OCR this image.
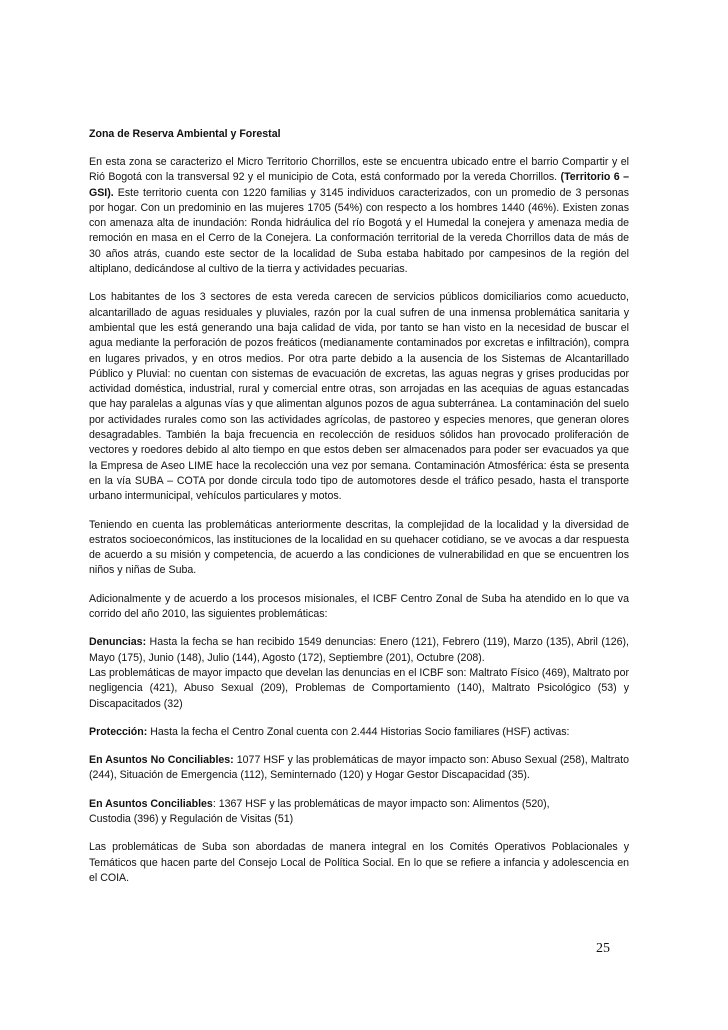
Zona de Reserva Ambiental y Forestal
En esta zona se caracterizo el Micro Territorio Chorrillos, este se encuentra ubicado entre el barrio Compartir y el Rió Bogotá con la transversal 92 y el municipio de Cota, está conformado por la vereda Chorrillos. (Territorio 6 – GSI). Este territorio cuenta con 1220 familias y 3145 individuos caracterizados, con un promedio de 3 personas por hogar. Con un predominio en las mujeres 1705 (54%) con respecto a los hombres 1440 (46%). Existen zonas con amenaza alta de inundación: Ronda hidráulica del río Bogotá y el Humedal la conejera y amenaza media de remoción en masa en el Cerro de la Conejera. La conformación territorial de la vereda Chorrillos data de más de 30 años atrás, cuando este sector de la localidad de Suba estaba habitado por campesinos de la región del altiplano, dedicándose al cultivo de la tierra y actividades pecuarias.
Los habitantes de los 3 sectores de esta vereda carecen de servicios públicos domiciliarios como acueducto, alcantarillado de aguas residuales y pluviales, razón por la cual sufren de una inmensa problemática sanitaria y ambiental que les está generando una baja calidad de vida, por tanto se han visto en la necesidad de buscar el agua mediante la perforación de pozos freáticos (medianamente contaminados por excretas e infiltración), compra en lugares privados, y en otros medios. Por otra parte debido a la ausencia de los Sistemas de Alcantarillado Público y Pluvial: no cuentan con sistemas de evacuación de excretas, las aguas negras y grises producidas por actividad doméstica, industrial, rural y comercial entre otras, son arrojadas en las acequias de aguas estancadas que hay paralelas a algunas vías y que alimentan algunos pozos de agua subterránea. La contaminación del suelo por actividades rurales como son las actividades agrícolas, de pastoreo y especies menores, que generan olores desagradables. También la baja frecuencia en recolección de residuos sólidos han provocado proliferación de vectores y roedores debido al alto tiempo en que estos deben ser almacenados para poder ser evacuados ya que la Empresa de Aseo LIME hace la recolección una vez por semana. Contaminación Atmosférica: ésta se presenta en la vía SUBA – COTA por donde circula todo tipo de automotores desde el tráfico pesado, hasta el transporte urbano intermunicipal, vehículos particulares y motos.
Teniendo en cuenta las problemáticas anteriormente descritas, la complejidad de la localidad y la diversidad de estratos socioeconómicos, las instituciones de la localidad en su quehacer cotidiano, se ve avocas a dar respuesta de acuerdo a su misión y competencia, de acuerdo a las condiciones de vulnerabilidad en que se encuentren los niños y niñas de Suba.
Adicionalmente y de acuerdo a los procesos misionales, el ICBF Centro Zonal de Suba ha atendido en lo que va corrido del año 2010, las siguientes problemáticas:
Denuncias: Hasta la fecha se han recibido 1549 denuncias: Enero (121), Febrero (119), Marzo (135), Abril (126), Mayo (175), Junio (148), Julio (144), Agosto (172), Septiembre (201), Octubre (208).
Las problemáticas de mayor impacto que develan las denuncias en el ICBF son: Maltrato Físico (469), Maltrato por negligencia (421), Abuso Sexual (209), Problemas de Comportamiento (140), Maltrato Psicológico (53) y Discapacitados (32)
Protección: Hasta la fecha el Centro Zonal cuenta con 2.444 Historias Socio familiares (HSF) activas:
En Asuntos No Conciliables: 1077 HSF y las problemáticas de mayor impacto son: Abuso Sexual (258), Maltrato (244), Situación de Emergencia (112), Seminternado (120) y Hogar Gestor Discapacidad (35).
En Asuntos Conciliables: 1367 HSF y las problemáticas de mayor impacto son: Alimentos (520),
Custodia (396) y Regulación de Visitas (51)
Las problemáticas de Suba son abordadas de manera integral en los Comités Operativos Poblacionales y Temáticos que hacen parte del Consejo Local de Política Social. En lo que se refiere a infancia y adolescencia en el COIA.
25
